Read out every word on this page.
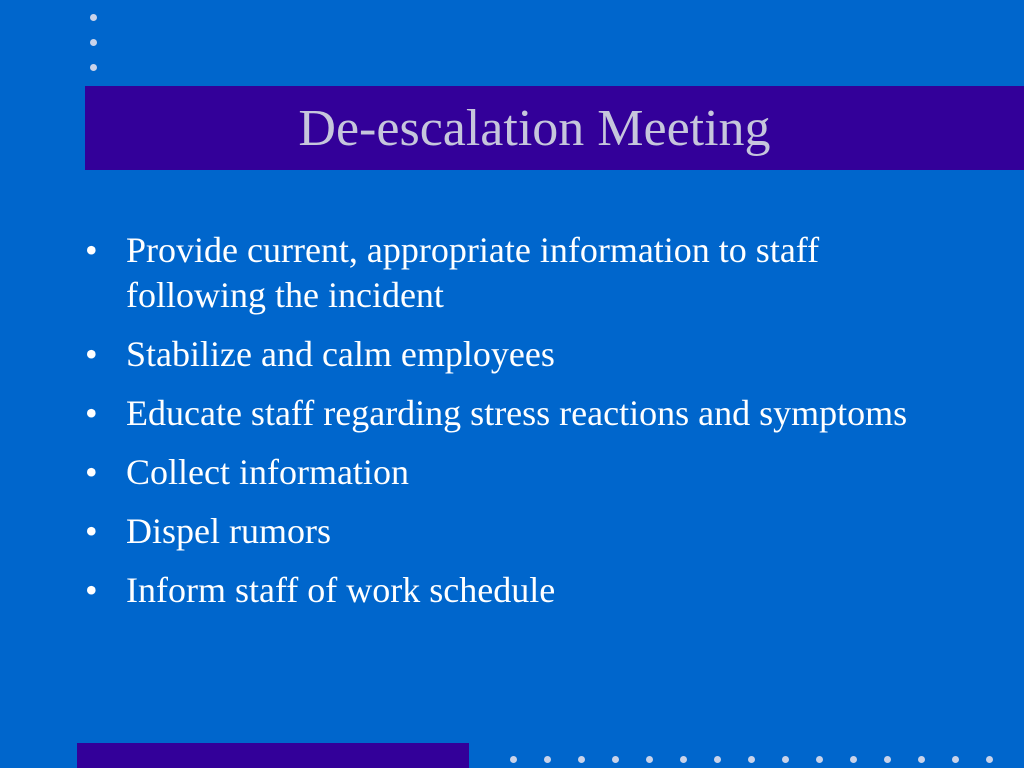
De-escalation Meeting
• Provide current, appropriate information to staff following the incident
• Stabilize and calm employees
• Educate staff regarding stress reactions and symptoms
• Collect information
• Dispel rumors
• Inform staff of work schedule
